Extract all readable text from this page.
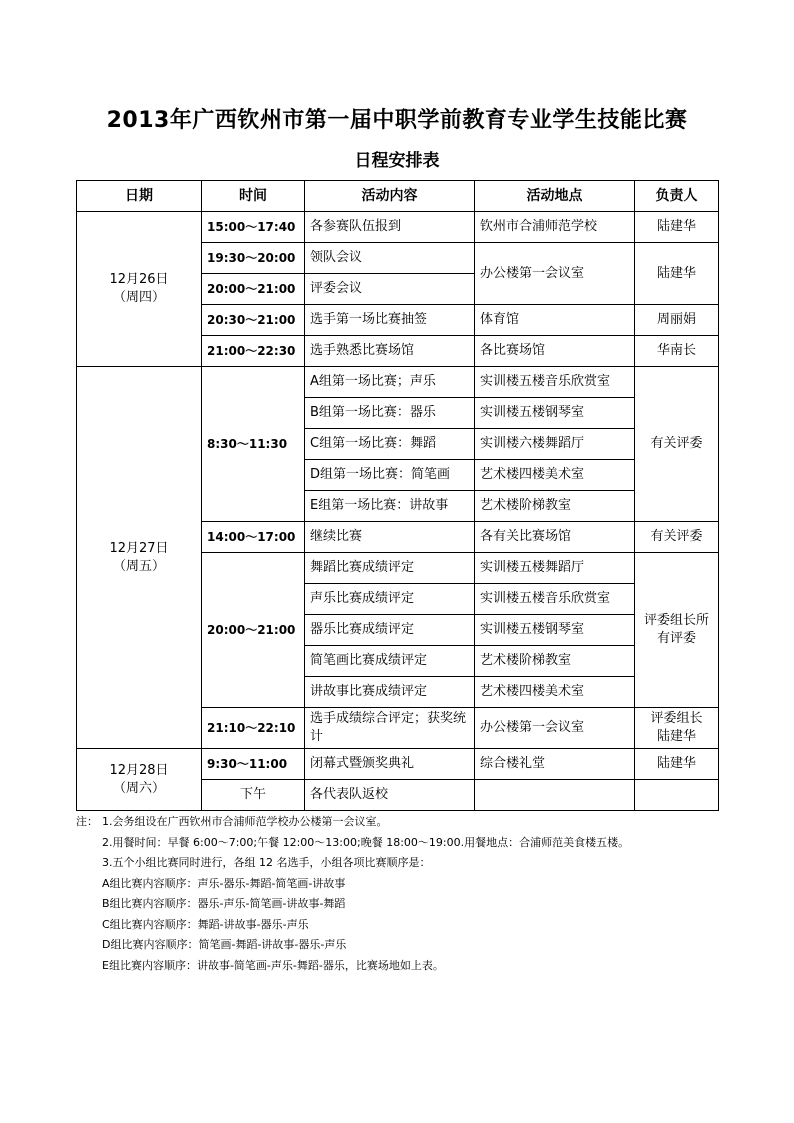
2013年广西钦州市第一届中职学前教育专业学生技能比赛
日程安排表
日期	时间	活动内容	活动地点	负责人

12月26日
（周四）	15:00～17:40	各参赛队伍报到	钦州市合浦师范学校	陆建华
	19:30～20:00	领队会议	办公楼第一会议室	陆建华
	20:00～21:00	评委会议		
	20:30～21:00	选手第一场比赛抽签	体育馆	周丽娟
	21:00～22:30	选手熟悉比赛场馆	各比赛场馆	华南长

12月27日
（周五）	8:30～11:30	A组第一场比赛；声乐	实训楼五楼音乐欣赏室	有关评委
		B组第一场比赛：器乐	实训楼五楼钢琴室	
		C组第一场比赛：舞蹈	实训楼六楼舞蹈厅	
		D组第一场比赛：简笔画	艺术楼四楼美术室	
		E组第一场比赛：讲故事	艺术楼阶梯教室	
	14:00～17:00	继续比赛	各有关比赛场馆	有关评委
	20:00～21:00	舞蹈比赛成绩评定	实训楼五楼舞蹈厅	评委组长所有评委
		声乐比赛成绩评定	实训楼五楼音乐欣赏室	
		器乐比赛成绩评定	实训楼五楼钢琴室	
		简笔画比赛成绩评定	艺术楼阶梯教室	
		讲故事比赛成绩评定	艺术楼四楼美术室	
	21:10～22:10	选手成绩综合评定；获奖统计	办公楼第一会议室	评委组长
陆建华

12月28日
（周六）	9:30～11:00	闭幕式暨颁奖典礼	综合楼礼堂	陆建华
	下午	各代表队返校		
注： 1.会务组设在广西钦州市合浦师范学校办公楼第一会议室。
2.用餐时间：早餐 6:00～7:00;午餐 12:00～13:00;晚餐 18:00～19:00.用餐地点：合浦师范美食楼五楼。
3.五个小组比赛同时进行，各组 12 名选手，小组各项比赛顺序是：
A组比赛内容顺序：声乐-器乐-舞蹈-简笔画-讲故事
B组比赛内容顺序：器乐-声乐-简笔画-讲故事-舞蹈
C组比赛内容顺序：舞蹈-讲故事-器乐-声乐
D组比赛内容顺序：简笔画-舞蹈-讲故事-器乐-声乐
E组比赛内容顺序：讲故事-简笔画-声乐-舞蹈-器乐，比赛场地如上表。
